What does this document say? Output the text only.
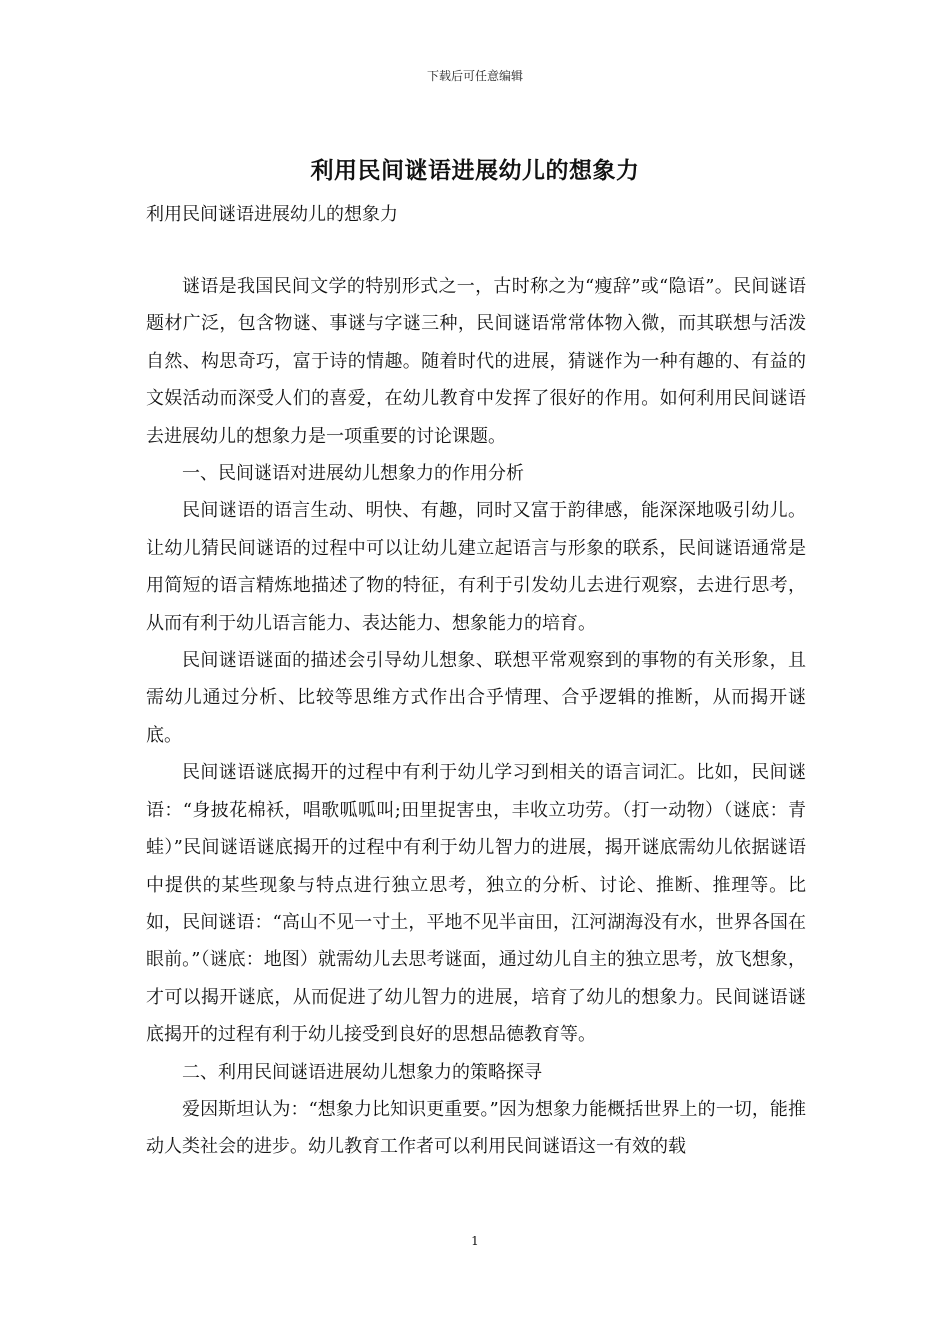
下载后可任意编辑
利用民间谜语进展幼儿的想象力
利用民间谜语进展幼儿的想象力

谜语是我国民间文学的特别形式之一，古时称之为“瘦辞”或“隐语”。民间谜语题材广泛，包含物谜、事谜与字谜三种，民间谜语常常体物入微，而其联想与活泼自然、构思奇巧，富于诗的情趣。随着时代的进展，猜谜作为一种有趣的、有益的文娱活动而深受人们的喜爱，在幼儿教育中发挥了很好的作用。如何利用民间谜语去进展幼儿的想象力是一项重要的讨论课题。

一、民间谜语对进展幼儿想象力的作用分析

民间谜语的语言生动、明快、有趣，同时又富于韵律感，能深深地吸引幼儿。让幼儿猜民间谜语的过程中可以让幼儿建立起语言与形象的联系，民间谜语通常是用简短的语言精炼地描述了物的特征，有利于引发幼儿去进行观察，去进行思考，从而有利于幼儿语言能力、表达能力、想象能力的培育。

民间谜语谜面的描述会引导幼儿想象、联想平常观察到的事物的有关形象，且需幼儿通过分析、比较等思维方式作出合乎情理、合乎逻辑的推断，从而揭开谜底。

民间谜语谜底揭开的过程中有利于幼儿学习到相关的语言词汇。比如，民间谜语：“身披花棉袄，唱歌呱呱叫;田里捉害虫，丰收立功劳。（打一动物）（谜底：青蛙）”民间谜语谜底揭开的过程中有利于幼儿智力的进展，揭开谜底需幼儿依据谜语中提供的某些现象与特点进行独立思考，独立的分析、讨论、推断、推理等。比如，民间谜语：“高山不见一寸土，平地不见半亩田，江河湖海没有水，世界各国在眼前。”（谜底：地图）就需幼儿去思考谜面，通过幼儿自主的独立思考，放飞想象，才可以揭开谜底，从而促进了幼儿智力的进展，培育了幼儿的想象力。民间谜语谜底揭开的过程有利于幼儿接受到良好的思想品德教育等。

二、利用民间谜语进展幼儿想象力的策略探寻

爱因斯坦认为：“想象力比知识更重要。”因为想象力能概括世界上的一切，能推动人类社会的进步。幼儿教育工作者可以利用民间谜语这一有效的载

1
